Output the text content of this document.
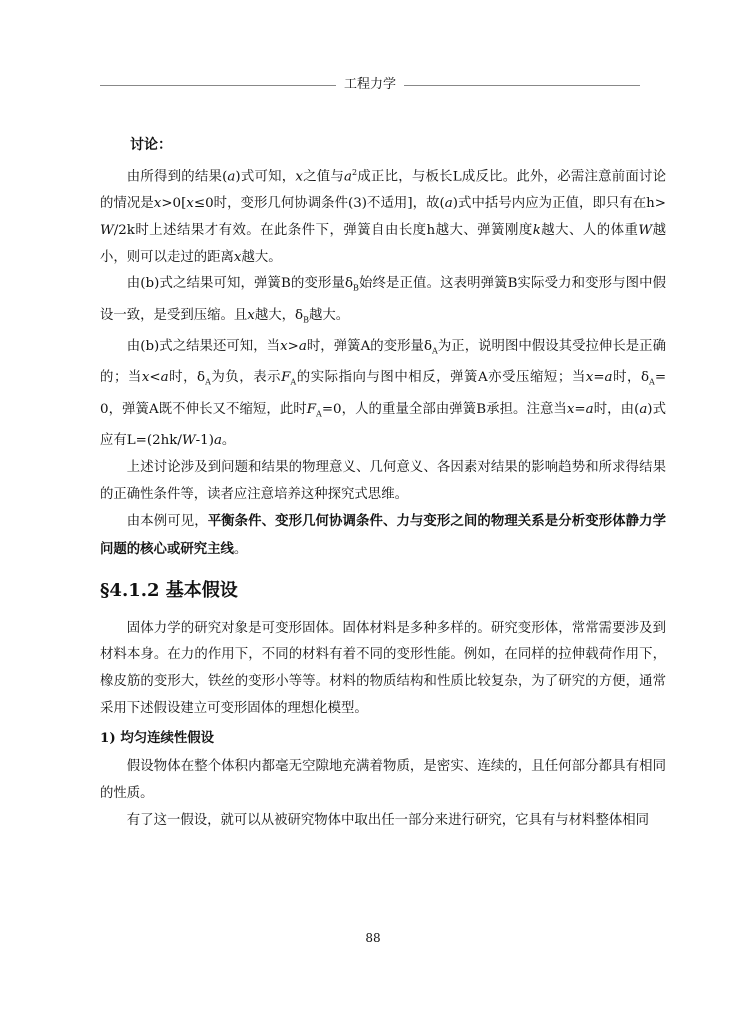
工程力学
讨论：

由所得到的结果(a)式可知，x之值与$a^2$成正比，与板长L成反比。此外，必需注意前面讨论的情况是x>0[x≤0时，变形几何协调条件(3)不适用]，故(a)式中括号内应为正值，即只有在h>W/2k时上述结果才有效。在此条件下，弹簧自由长度h越大、弹簧刚度k越大、人的体重W越小，则可以走过的距离x越大。

由(b)式之结果可知，弹簧B的变形量$\delta_B$始终是正值。这表明弹簧B实际受力和变形与图中假设一致，是受到压缩。且x越大，$\delta_B$越大。

由(b)式之结果还可知，当x>a时，弹簧A的变形量$\delta_A$为正，说明图中假设其受拉伸长是正确的；当x<a时，$\delta_A$为负，表示$F_A$的实际指向与图中相反，弹簧A亦受压缩短；当x=a时，$\delta_A=0$，弹簧A既不伸长又不缩短，此时$F_A=0$，人的重量全部由弹簧B承担。注意当x=a时，由(a)式应有L=(2hk/W-1)a。

上述讨论涉及到问题和结果的物理意义、几何意义、各因素对结果的影响趋势和所求得结果的正确性条件等，读者应注意培养这种探究式思维。

由本例可见，平衡条件、变形几何协调条件、力与变形之间的物理关系是分析变形体静力学问题的核心或研究主线。

§4.1.2 基本假设

固体力学的研究对象是可变形固体。固体材料是多种多样的。研究变形体，常常需要涉及到材料本身。在力的作用下，不同的材料有着不同的变形性能。例如，在同样的拉伸载荷作用下，橡皮筋的变形大，铁丝的变形小等等。材料的物质结构和性质比较复杂，为了研究的方便，通常采用下述假设建立可变形固体的理想化模型。

1) 均匀连续性假设

假设物体在整个体积内都毫无空隙地充满着物质，是密实、连续的，且任何部分都具有相同的性质。

有了这一假设，就可以从被研究物体中取出任一部分来进行研究，它具有与材料整体相同

88
